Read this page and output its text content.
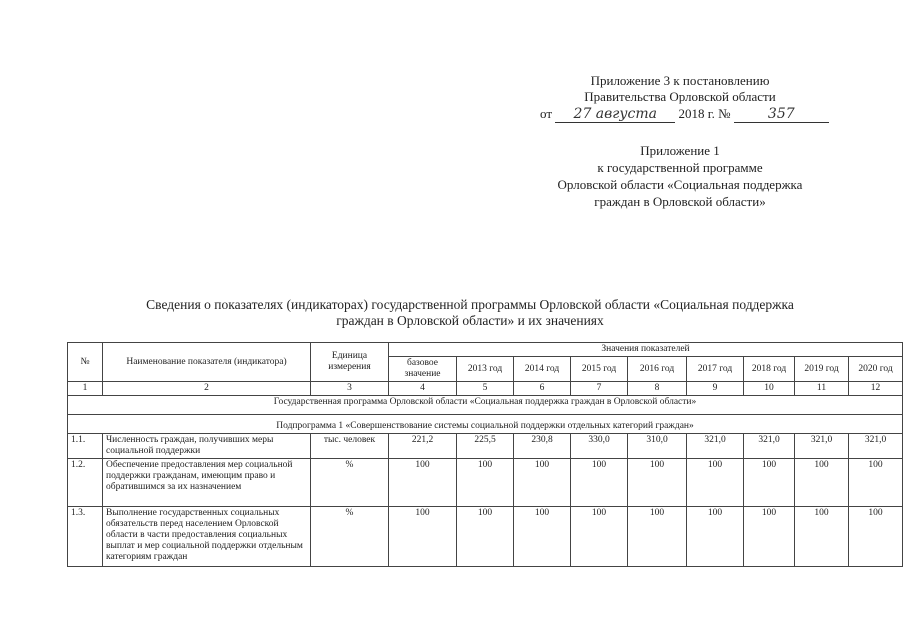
Приложение 3 к постановлению
Правительства Орловской области
от 27 августа 2018 г. №	357
Приложение 1
к государственной программе
Орловской области «Социальная поддержка
граждан в Орловской области»
Сведения о показателях (индикаторах) государственной программы Орловской области «Социальная поддержка
граждан в Орловской области» и их значениях
№	Наименование показателя (индикатора)	Единица измерения	Значения показателей								
			базовое значение	2013 год	2014 год	2015 год	2016 год	2017 год	2018 год	2019 год	2020 год
1	2	3	4	5	6	7	8	9	10	11	12
Государственная программа Орловской области «Социальная поддержка граждан в Орловской области»											
Подпрограмма 1 «Совершенствование системы социальной поддержки отдельных категорий граждан»											
1.1.	Численность граждан, получивших меры социальной поддержки	тыс. человек	221,2	225,5	230,8	330,0	310,0	321,0	321,0	321,0	321,0
1.2.	Обеспечение предоставления мер социальной поддержки гражданам, имеющим право и обратившимся за их назначением	%	100	100	100	100	100	100	100	100	100
1.3.	Выполнение государственных социальных обязательств перед населением Орловской области в части предоставления социальных выплат и мер социальной поддержки отдельным категориям граждан	%	100	100	100	100	100	100	100	100	100
